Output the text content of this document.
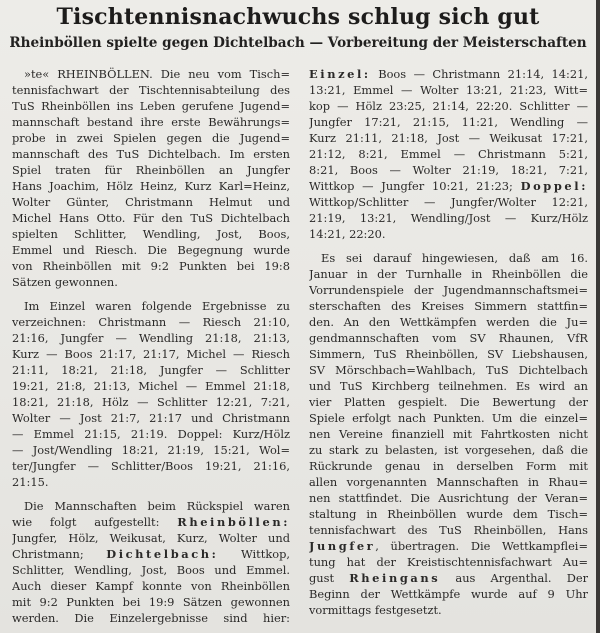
Tischtennisnachwuchs schlug sich gut
Rheinböllen spielte gegen Dichtelbach — Vorbereitung der Meisterschaften
»te« RHEINBÖLLEN. Die neu vom Tisch=
tennisfachwart der Tischtennisabteilung des
TuS Rheinböllen ins Leben gerufene Jugend=
mannschaft bestand ihre erste Bewährungs=
probe in zwei Spielen gegen die Jugend=
mannschaft des TuS Dichtelbach. Im ersten
Spiel traten für Rheinböllen an Jungfer
Hans Joachim, Hölz Heinz, Kurz Karl=Heinz,
Wolter Günter, Christmann Helmut und
Michel Hans Otto. Für den TuS Dichtelbach
spielten Schlitter, Wendling, Jost, Boos,
Emmel und Riesch. Die Begegnung wurde
von Rheinböllen mit 9:2 Punkten bei 19:8
Sätzen gewonnen.
Im Einzel waren folgende Ergebnisse zu
verzeichnen: Christmann — Riesch 21:10,
21:16, Jungfer — Wendling 21:18, 21:13,
Kurz — Boos 21:17, 21:17, Michel — Riesch
21:11, 18:21, 21:18, Jungfer — Schlitter
19:21, 21:8, 21:13, Michel — Emmel 21:18,
18:21, 21:18, Hölz — Schlitter 12:21, 7:21,
Wolter — Jost 21:7, 21:17 und Christmann
— Emmel 21:15, 21:19. Doppel: Kurz/Hölz
— Jost/Wendling 18:21, 21:19, 15:21, Wol=
ter/Jungfer — Schlitter/Boos 19:21, 21:16,
21:15.
Die Mannschaften beim Rückspiel waren
wie folgt aufgestellt: Rheinböllen:
Jungfer, Hölz, Weikusat, Kurz, Wolter und
Christmann; Dichtelbach: Wittkop,
Schlitter, Wendling, Jost, Boos und Emmel.
Auch dieser Kampf konnte von Rheinböllen
mit 9:2 Punkten bei 19:9 Sätzen gewonnen
werden. Die Einzelergebnisse sind hier:
Einzel: Boos — Christmann 21:14, 14:21,
13:21, Emmel — Wolter 13:21, 21:23, Witt=
kop — Hölz 23:25, 21:14, 22:20. Schlitter —
Jungfer 17:21, 21:15, 11:21, Wendling —
Kurz 21:11, 21:18, Jost — Weikusat 17:21,
21:12, 8:21, Emmel — Christmann 5:21,
8:21, Boos — Wolter 21:19, 18:21, 7:21,
Wittkop — Jungfer 10:21, 21:23; Doppel:
Wittkop/Schlitter — Jungfer/Wolter 12:21,
21:19, 13:21, Wendling/Jost — Kurz/Hölz
14:21, 22:20.
Es sei darauf hingewiesen, daß am 16.
Januar in der Turnhalle in Rheinböllen die
Vorrundenspiele der Jugendmannschaftsmei=
sterschaften des Kreises Simmern stattfin=
den. An den Wettkämpfen werden die Ju=
gendmannschaften vom SV Rhaunen, VfR
Simmern, TuS Rheinböllen, SV Liebshausen,
SV Mörschbach=Wahlbach, TuS Dichtelbach
und TuS Kirchberg teilnehmen. Es wird an
vier Platten gespielt. Die Bewertung der
Spiele erfolgt nach Punkten. Um die einzel=
nen Vereine finanziell mit Fahrtkosten nicht
zu stark zu belasten, ist vorgesehen, daß die
Rückrunde genau in derselben Form mit
allen vorgenannten Mannschaften in Rhau=
nen stattfindet. Die Ausrichtung der Veran=
staltung in Rheinböllen wurde dem Tisch=
tennisfachwart des TuS Rheinböllen, Hans
Jungfer, übertragen. Die Wettkampflei=
tung hat der Kreistischtennisfachwart Au=
gust Rheingans aus Argenthal. Der
Beginn der Wettkämpfe wurde auf 9 Uhr
vormittags festgesetzt.
